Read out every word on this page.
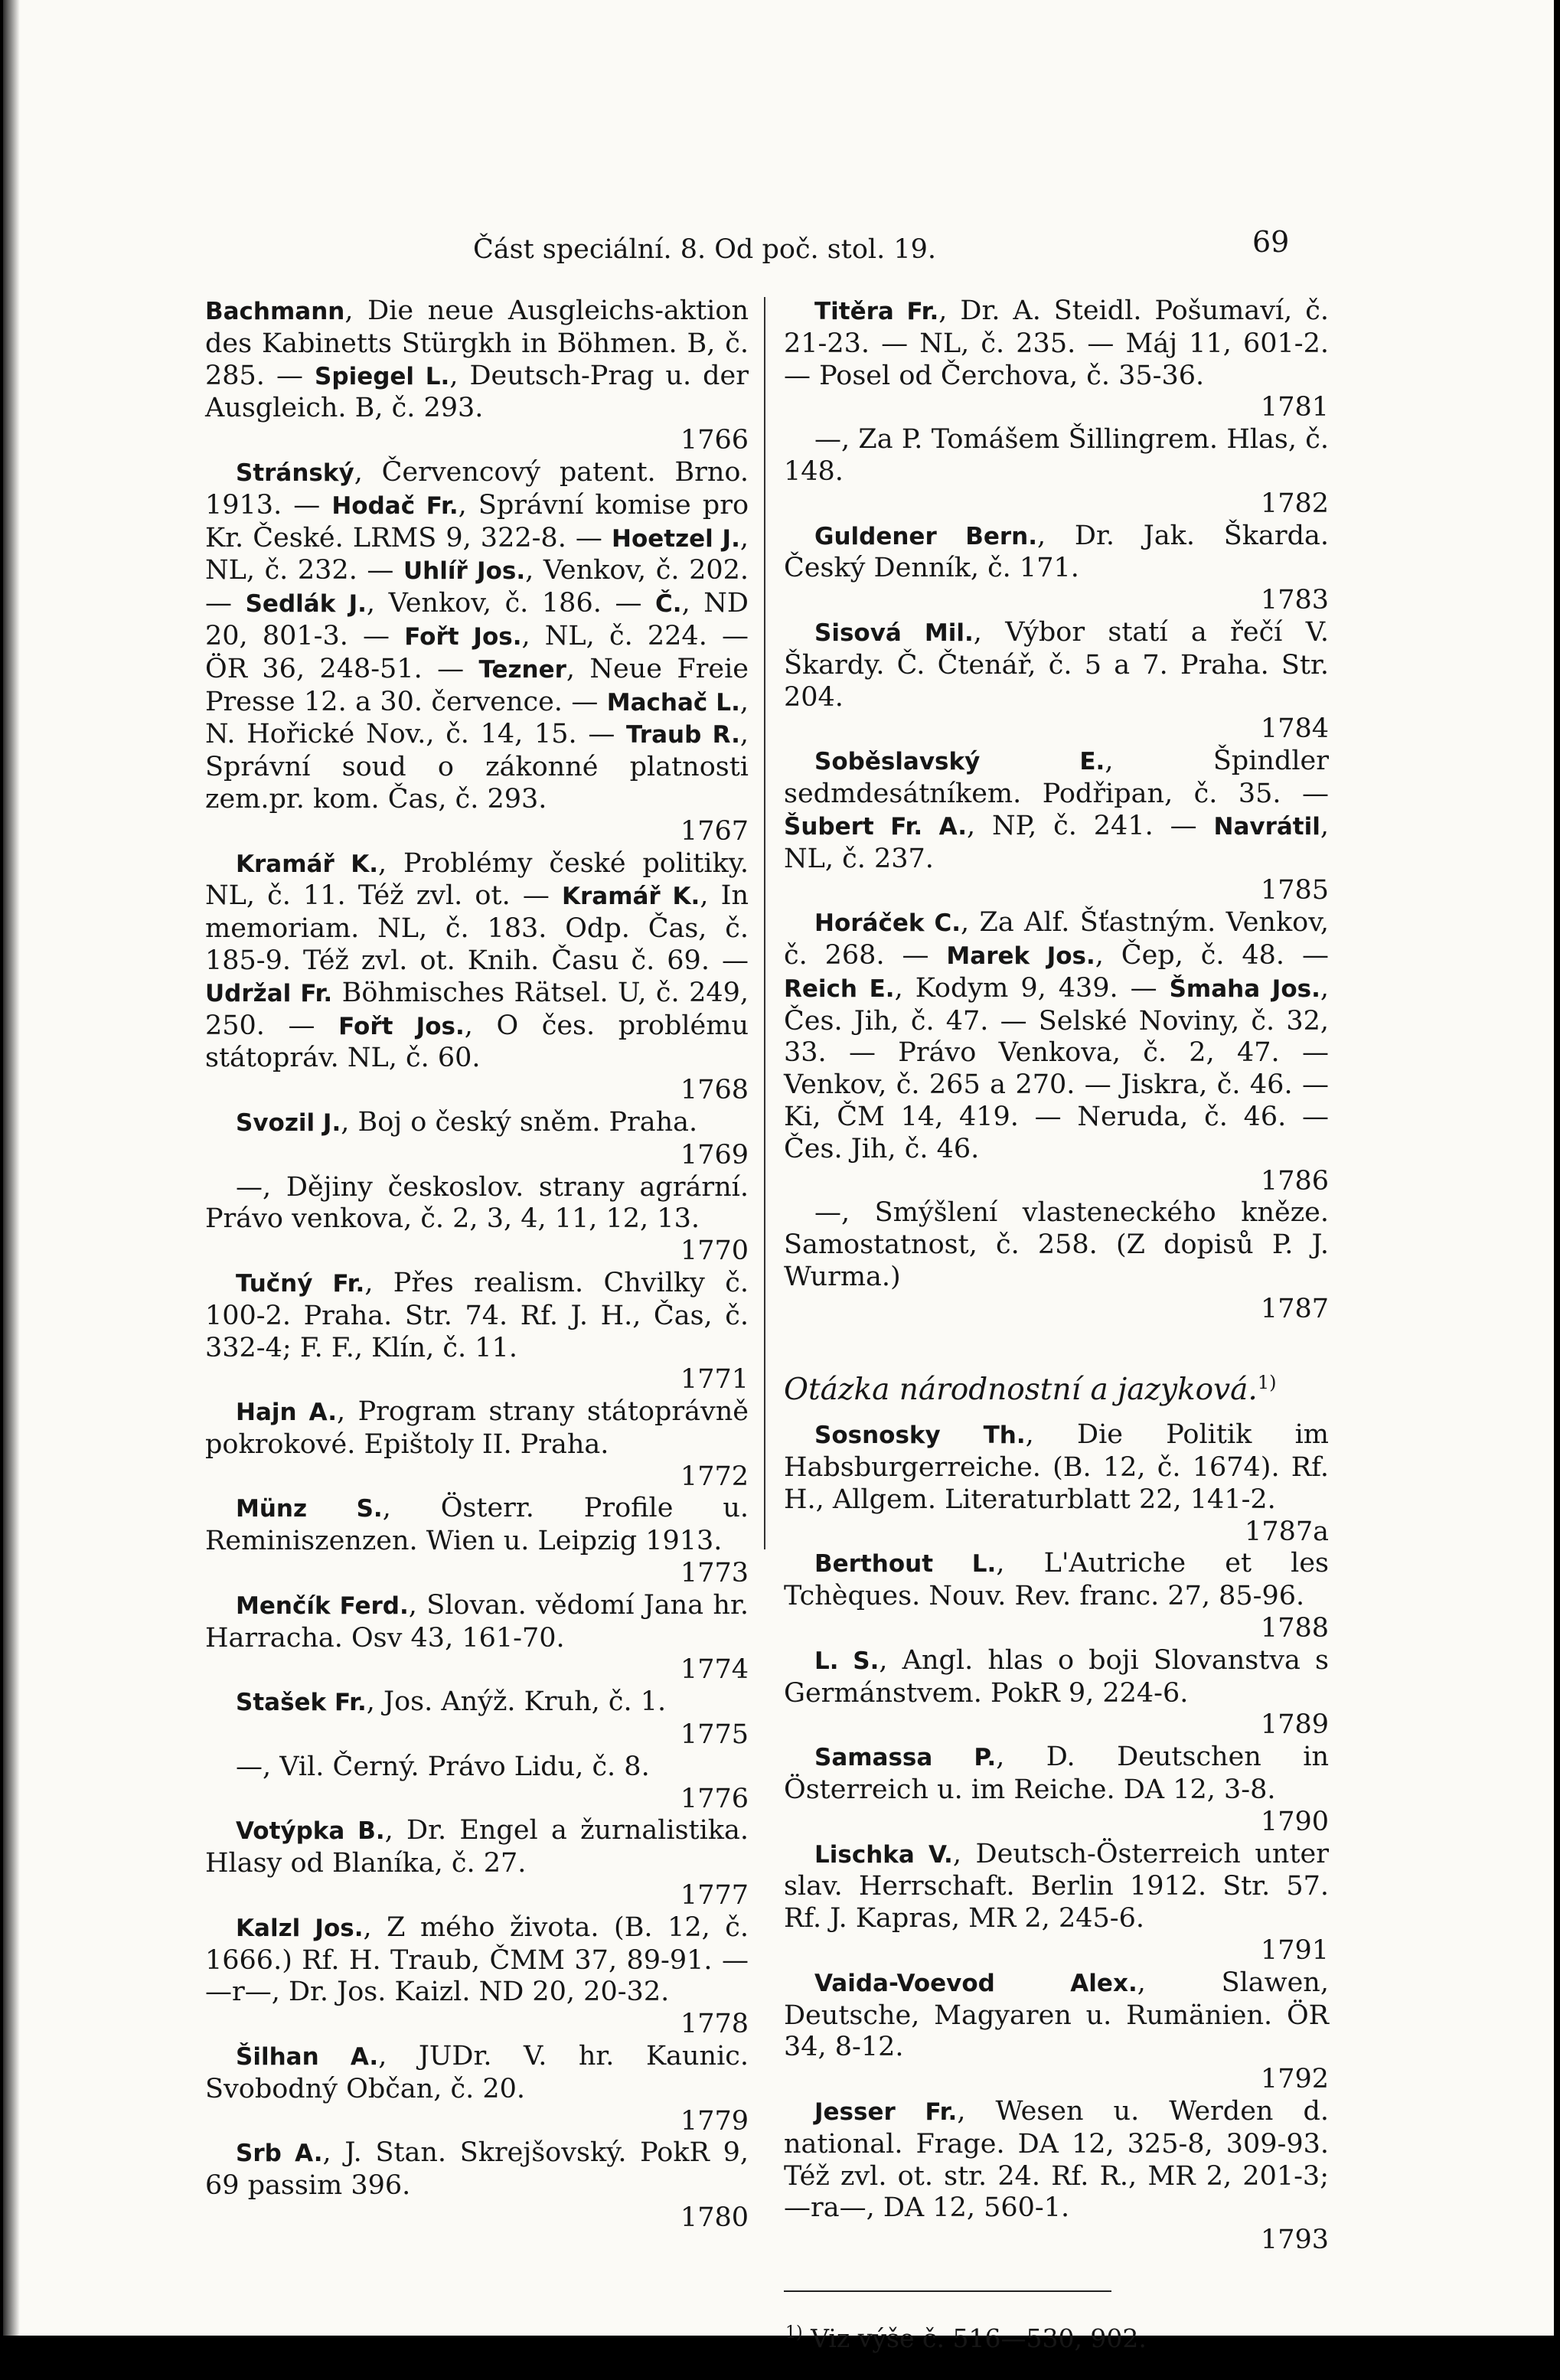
Část speciální. 8. Od poč. stol. 19.	69

Bachmann, Die neue Ausgleichs-aktion des Kabinetts Stürgkh in Böhmen. B, č. 285. — Spiegel L., Deutsch-Prag u. der Ausgleich. B, č. 293.
1766

Stránský, Červencový patent. Brno. 1913. — Hodač Fr., Správní komise pro Kr. České. LRMS 9, 322-8. — Hoetzel J., NL, č. 232. — Uhlíř Jos., Venkov, č. 202. — Sedlák J., Venkov, č. 186. — Č., ND 20, 801-3. — Fořt Jos., NL, č. 224. — ÖR 36, 248-51. — Tezner, Neue Freie Presse 12. a 30. července. — Machač L., N. Hořické Nov., č. 14, 15. — Traub R., Správní soud o zákonné platnosti zem.pr. kom. Čas, č. 293.
1767

Kramář K., Problémy české politiky. NL, č. 11. Též zvl. ot. — Kramář K., In memoriam. NL, č. 183. Odp. Čas, č. 185-9. Též zvl. ot. Knih. Času č. 69. — Udržal Fr. Böhmisches Rätsel. U, č. 249, 250. — Fořt Jos., O čes. problému státopráv. NL, č. 60.
1768

Svozil J., Boj o český sněm. Praha.
1769

—, Dějiny českoslov. strany agrární. Právo venkova, č. 2, 3, 4, 11, 12, 13.
1770

Tučný Fr., Přes realism. Chvilky č. 100-2. Praha. Str. 74. Rf. J. H., Čas, č. 332-4; F. F., Klín, č. 11.
1771

Hajn A., Program strany státoprávně pokrokové. Epištoly II. Praha.
1772

Münz S., Österr. Profile u. Reminiszenzen. Wien u. Leipzig 1913.
1773

Menčík Ferd., Slovan. vědomí Jana hr. Harracha. Osv 43, 161-70.
1774

Stašek Fr., Jos. Anýž. Kruh, č. 1.
1775

—, Vil. Černý. Právo Lidu, č. 8.
1776

Votýpka B., Dr. Engel a žurnalistika. Hlasy od Blaníka, č. 27.
1777

Kalzl Jos., Z mého života. (B. 12, č. 1666.) Rf. H. Traub, ČMM 37, 89-91. — —r—, Dr. Jos. Kaizl. ND 20, 20-32.
1778

Šilhan A., JUDr. V. hr. Kaunic. Svobodný Občan, č. 20.
1779

Srb A., J. Stan. Skrejšovský. PokR 9, 69 passim 396.
1780

Titěra Fr., Dr. A. Steidl. Pošumaví, č. 21-23. — NL, č. 235. — Máj 11, 601-2. — Posel od Čerchova, č. 35-36.
1781

—, Za P. Tomášem Šillingrem. Hlas, č. 148.
1782

Guldener Bern., Dr. Jak. Škarda. Český Denník, č. 171.
1783

Sisová Mil., Výbor statí a řečí V. Škardy. Č. Čtenář, č. 5 a 7. Praha. Str. 204.
1784

Soběslavský E., Špindler sedmdesátníkem. Podřipan, č. 35. — Šubert Fr. A., NP, č. 241. — Navrátil, NL, č. 237.
1785

Horáček C., Za Alf. Šťastným. Venkov, č. 268. — Marek Jos., Čep, č. 48. — Reich E., Kodym 9, 439. — Šmaha Jos., Čes. Jih, č. 47. — Selské Noviny, č. 32, 33. — Právo Venkova, č. 2, 47. — Venkov, č. 265 a 270. — Jiskra, č. 46. — Ki, ČM 14, 419. — Neruda, č. 46. — Čes. Jih, č. 46.
1786

—, Smýšlení vlasteneckého kněze. Samostatnost, č. 258. (Z dopisů P. J. Wurma.)
1787

Otázka národnostní a jazyková.$^{1)}$

Sosnosky Th., Die Politik im Habsburgerreiche. (B. 12, č. 1674). Rf. H., Allgem. Literaturblatt 22, 141-2.
1787a

Berthout L., L'Autriche et les Tchèques. Nouv. Rev. franc. 27, 85-96.
1788

L. S., Angl. hlas o boji Slovanstva s Germánstvem. PokR 9, 224-6.
1789

Samassa P., D. Deutschen in Österreich u. im Reiche. DA 12, 3-8.
1790

Lischka V., Deutsch-Österreich unter slav. Herrschaft. Berlin 1912. Str. 57. Rf. J. Kapras, MR 2, 245-6.
1791

Vaida-Voevod Alex., Slawen, Deutsche, Magyaren u. Rumänien. ÖR 34, 8-12.
1792

Jesser Fr., Wesen u. Werden d. national. Frage. DA 12, 325-8, 309-93. Též zvl. ot. str. 24. Rf. R., MR 2, 201-3; —ra—, DA 12, 560-1.
1793

$^{1)}$ Viz výše č. 516—530, 902.
